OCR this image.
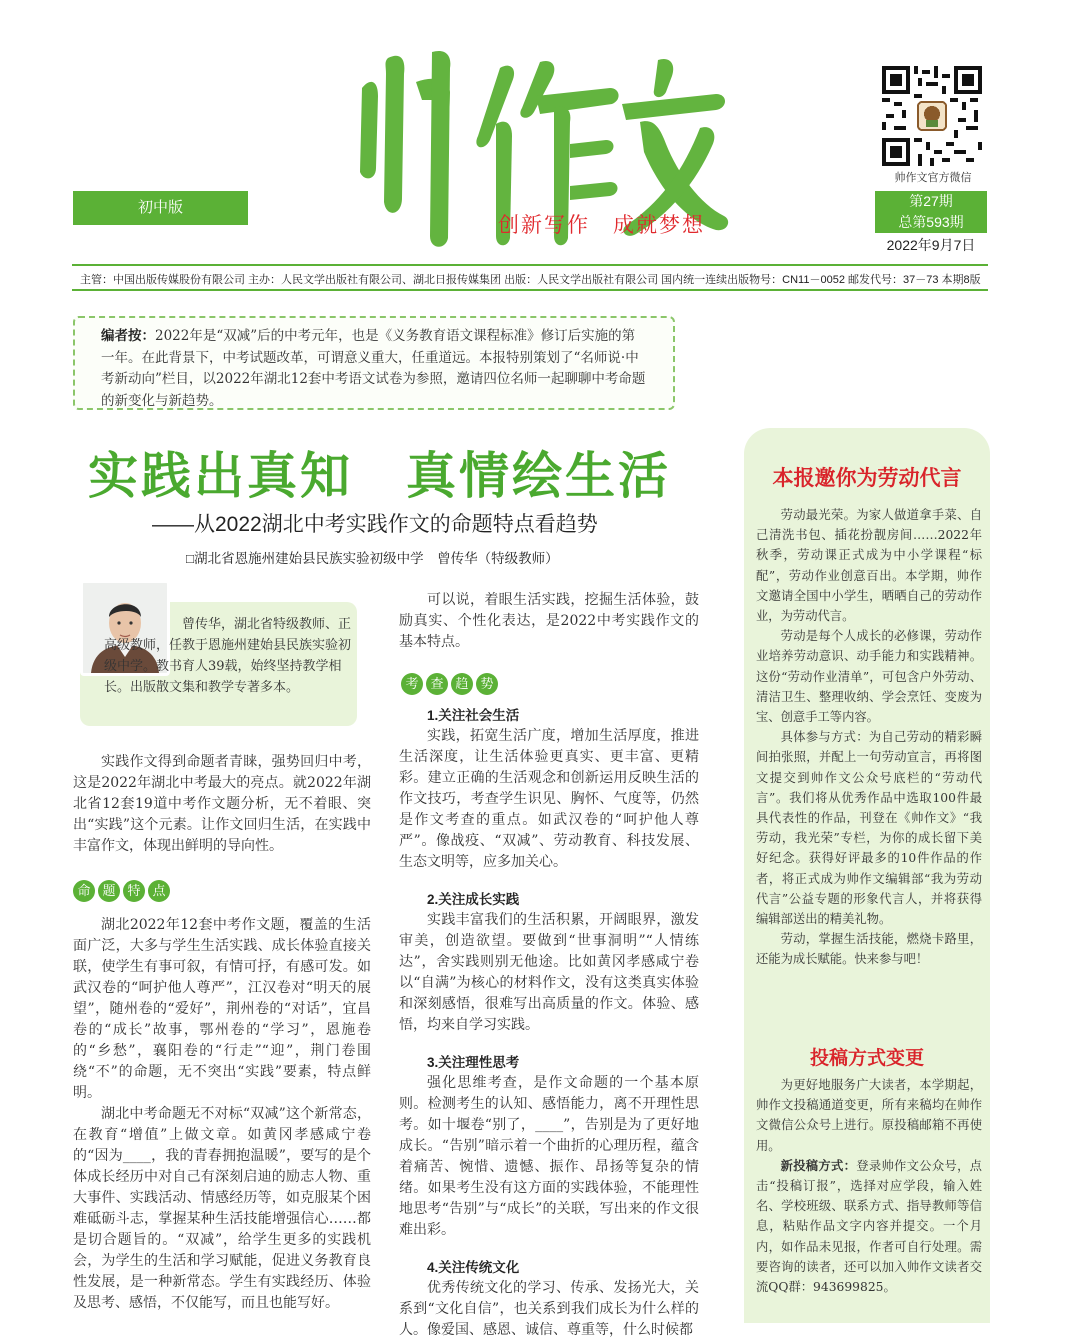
初中版
创新写作　成就梦想
帅作文官方微信
第27期
总第593期
2022年9月7日
主管：中国出版传媒股份有限公司 主办：人民文学出版社有限公司、湖北日报传媒集团 出版：人民文学出版社有限公司 国内统一连续出版物号：CN11－0052 邮发代号：37－73 本期8版
编者按：2022年是“双减”后的中考元年，也是《义务教育语文课程标准》修订后实施的第一年。在此背景下，中考试题改革，可谓意义重大，任重道远。本报特别策划了“名师说·中考新动向”栏目，以2022年湖北12套中考语文试卷为参照，邀请四位名师一起聊聊中考命题的新变化与新趋势。
实践出真知　真情绘生活
——从2022湖北中考实践作文的命题特点看趋势
□湖北省恩施州建始县民族实验初级中学　曾传华（特级教师）
曾传华，湖北省特级教师、正高级教师，任教于恩施州建始县民族实验初级中学。教书育人39载，始终坚持教学相长。出版散文集和教学专著多本。

实践作文得到命题者青睐，强势回归中考，这是2022年湖北中考最大的亮点。就2022年湖北省12套19道中考作文题分析，无不着眼、突出“实践”这个元素。让作文回归生活，在实践中丰富作文，体现出鲜明的导向性。

命 题 特 点

湖北2022年12套中考作文题，覆盖的生活面广泛，大多与学生生活实践、成长体验直接关联，使学生有事可叙，有情可抒，有感可发。如武汉卷的“呵护他人尊严”，江汉卷对“明天的展望”，随州卷的“爱好”，荆州卷的“对话”，宜昌卷的“成长”故事，鄂州卷的“学习”，恩施卷的“乡愁”，襄阳卷的“行走”“迎”，荆门卷围绕“不”的命题，无不突出“实践”要素，特点鲜明。

湖北中考命题无不对标“双减”这个新常态，在教育“增值”上做文章。如黄冈孝感咸宁卷的“因为____，我的青春拥抱温暖”，要写的是个体成长经历中对自己有深刻启迪的励志人物、重大事件、实践活动、情感经历等，如克服某个困难砥砺斗志，掌握某种生活技能增强信心……都是切合题旨的。“双减”，给学生更多的实践机会，为学生的生活和学习赋能，促进义务教育良性发展，是一种新常态。学生有实践经历、体验及思考、感悟，不仅能写，而且也能写好。

可以说，着眼生活实践，挖掘生活体验，鼓励真实、个性化表达，是2022中考实践作文的基本特点。

考 查 趋 势
1.关注社会生活

实践，拓宽生活广度，增加生活厚度，推进生活深度，让生活体验更真实、更丰富、更精彩。建立正确的生活观念和创新运用反映生活的作文技巧，考查学生识见、胸怀、气度等，仍然是作文考查的重点。如武汉卷的“呵护他人尊严”。像战疫、“双减”、劳动教育、科技发展、生态文明等，应多加关心。

2.关注成长实践

实践丰富我们的生活积累，开阔眼界，激发审美，创造欲望。要做到“世事洞明”“人情练达”，舍实践则别无他途。比如黄冈孝感咸宁卷以“自满”为核心的材料作文，没有这类真实体验和深刻感悟，很难写出高质量的作文。体验、感悟，均来自学习实践。

3.关注理性思考

强化思维考查，是作文命题的一个基本原则。检测考生的认知、感悟能力，离不开理性思考。如十堰卷“别了，____”，告别是为了更好地成长。“告别”暗示着一个曲折的心理历程，蕴含着痛苦、惋惜、遗憾、振作、昂扬等复杂的情绪。如果考生没有这方面的实践体验，不能理性地思考“告别”与“成长”的关联，写出来的作文很难出彩。

4.关注传统文化

优秀传统文化的学习、传承、发扬光大，关系到“文化自信”，也关系到我们成长为什么样的人。像爱国、感恩、诚信、尊重等，什么时候都

本报邀你为劳动代言

劳动最光荣。为家人做道拿手菜、自己清洗书包、插花扮靓房间……2022年秋季，劳动课正式成为中小学课程“标配”，劳动作业创意百出。本学期，帅作文邀请全国中小学生，晒晒自己的劳动作业，为劳动代言。

劳动是每个人成长的必修课，劳动作业培养劳动意识、动手能力和实践精神。这份“劳动作业清单”，可包含户外劳动、清洁卫生、整理收纳、学会烹饪、变废为宝、创意手工等内容。

具体参与方式：为自己劳动的精彩瞬间拍张照，并配上一句劳动宣言，再将图文提交到帅作文公众号底栏的“劳动代言”。我们将从优秀作品中选取100件最具代表性的作品，刊登在《帅作文》“我劳动，我光荣”专栏，为你的成长留下美好纪念。获得好评最多的10件作品的作者，将正式成为帅作文编辑部“我为劳动代言”公益专题的形象代言人，并将获得编辑部送出的精美礼物。

劳动，掌握生活技能，燃烧卡路里，还能为成长赋能。快来参与吧！

投稿方式变更

为更好地服务广大读者，本学期起，帅作文投稿通道变更，所有来稿均在帅作文微信公众号上进行。原投稿邮箱不再使用。

新投稿方式：登录帅作文公众号，点击“投稿订报”，选择对应学段，输入姓名、学校班级、联系方式、指导教师等信息，粘贴作品文字内容并提交。一个月内，如作品未见报，作者可自行处理。需要咨询的读者，还可以加入帅作文读者交流QQ群：943699825。
